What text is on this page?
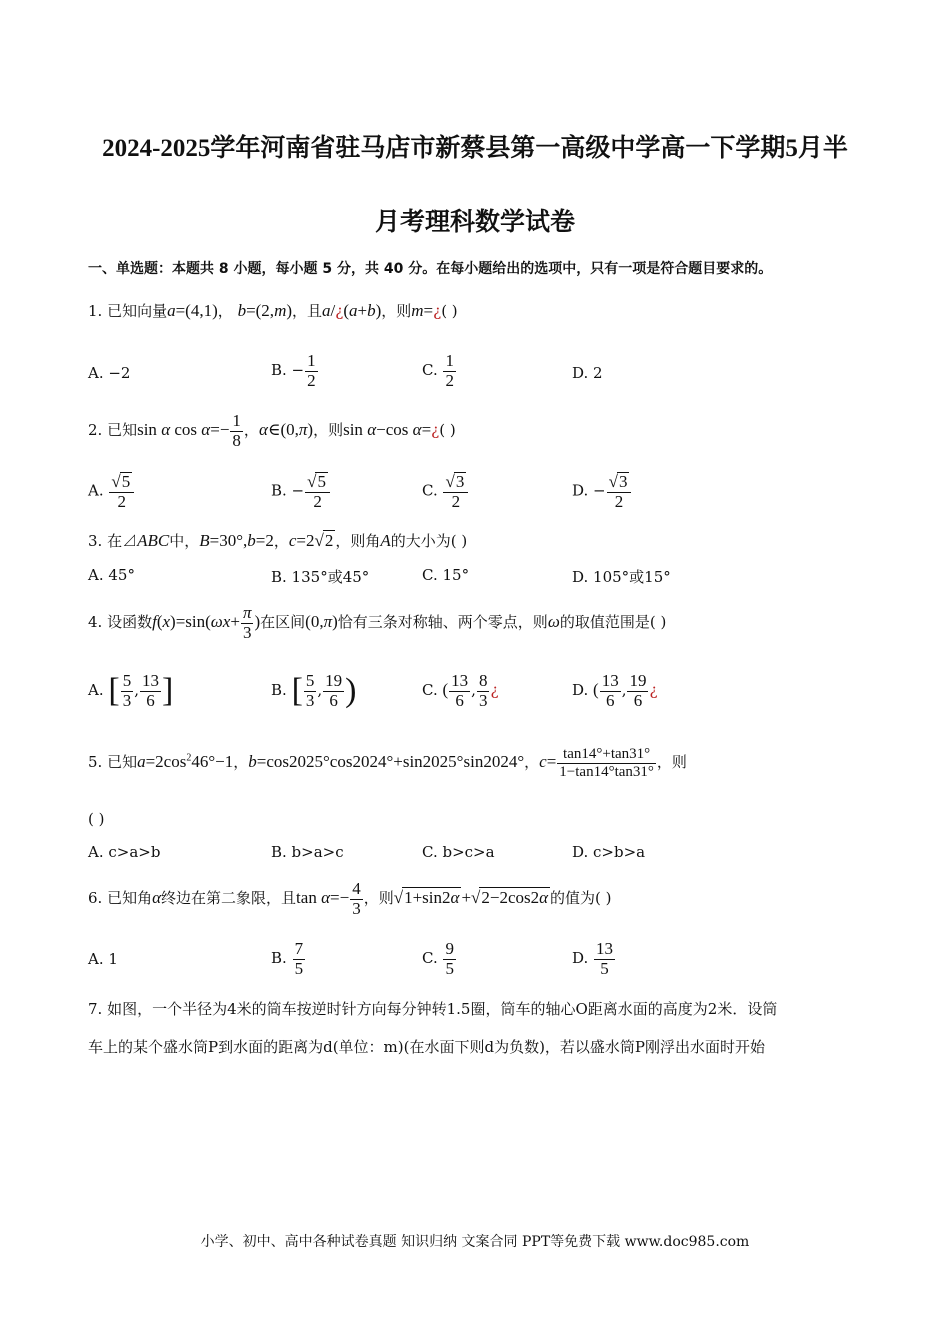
2024-2025学年河南省驻马店市新蔡县第一高级中学高一下学期5月半
月考理科数学试卷
一、单选题：本题共 8 小题，每小题 5 分，共 40 分。在每小题给出的选项中，只有一项是符合题目要求的。
1. 已知向量a=(4,1)， b=(2,m)，且a/¿(a+b)，则m=¿( )
A. −2	B. − $\frac{1}{2}$	C. $\frac{1}{2}$	D. 2
2. 已知sin α $\cos \alpha=- \frac{1}{8}$ ，α∈(0,π)，则sin α−cos α=¿( )
A. $\frac{√5}{2}$	B. − $\frac{√5}{2}$	C. $\frac{√3}{2}$	D. − $\frac{√3}{2}$
3. 在⊿ABC中，B=30°,b=2，c=2√2 ，则角A的大小为( )
A. 45°	B. 135°或45°	C. 15°	D. 105°或15°
4. 设函数$f(x)=\sin(\omega x+ \frac{\pi}{3}$ )在区间(0,π)恰有三条对称轴、两个零点，则ω的取值范围是( )
A. [ $\frac{5}{3}$ , $\frac{13}{6}$ ]	B. [ $\frac{5}{3}$ , $\frac{19}{6}$ )	C. ( $\frac{13}{6}$ , $\frac{8}{3}$ ¿	D. ( $\frac{13}{6}$ , $\frac{19}{6}$ ¿
5. 已知$a=2\cos^246^\circ-1$，b=cos2025°cos2024°+sin2025°sin2024°，$c= \frac{\tan 14^\circ+\tan 31^\circ}{1-\tan 14^\circ\tan 31^\circ}$ ，则
( )
A. c>a>b	B. b>a>c	C. b>c>a	D. c>b>a
6. 已知角α终边在第二象限，且$\tan \alpha=- \frac{4}{3}$ ，则√1+sin2α +√2−2cos2α 的值为( )
A. 1	B. $\frac{7}{5}$	C. $\frac{9}{5}$	D. $\frac{13}{5}$
7. 如图，一个半径为4米的筒车按逆时针方向每分钟转1.5圈，筒车的轴心O距离水面的高度为2米．设筒
车上的某个盛水筒P到水面的距离为d(单位：m)(在水面下则d为负数)，若以盛水筒P刚浮出水面时开始
小学、初中、高中各种试卷真题 知识归纳 文案合同 PPT等免费下载 www.doc985.com
